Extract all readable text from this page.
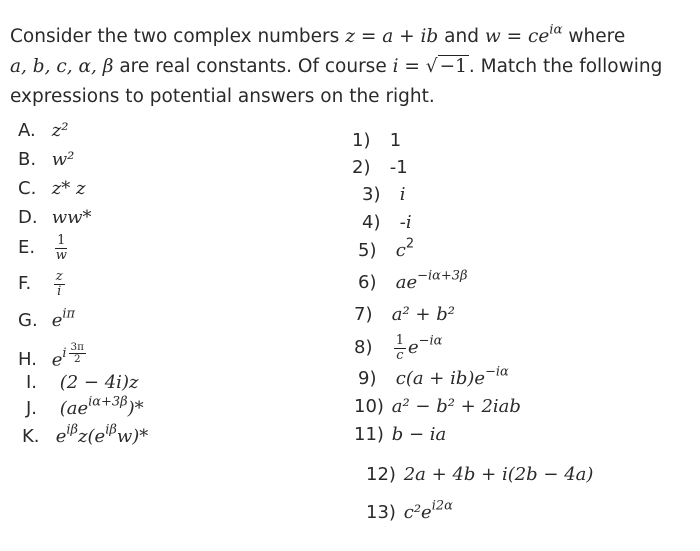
Consider the two complex numbers z = a + ib and $w = ce^{i\alpha}$ where
a, b, c, α, β are real constants. Of course i = √ −1 . Match the following expressions to potential answers on the right.
A. z²
B. w²
C. z* z
D. ww*
E. $\frac{1}{w}$
F. $\frac{z}{i}$
G. $e^{i\pi}$
H. $e^{i \frac{3\pi}{2}}$
I. (2 − 4i)z
J. $(ae^{i\alpha+3\beta})*$
K. $e^{i\beta}z(e^{i\beta}w)*$
1) 1
2) -1
3) i
4) -i
5) $c^2$
6) $ae^{-i\alpha+3\beta}$
7) a² + b²
$8) \frac{1}{c} e^{-i\alpha}$
9) $c(a + ib)e^{-i\alpha}$
10) a² − b² + 2iab
11) b − ia
12) 2a + 4b + i(2b − 4a)
13) $c^2e^{i2\alpha}$
